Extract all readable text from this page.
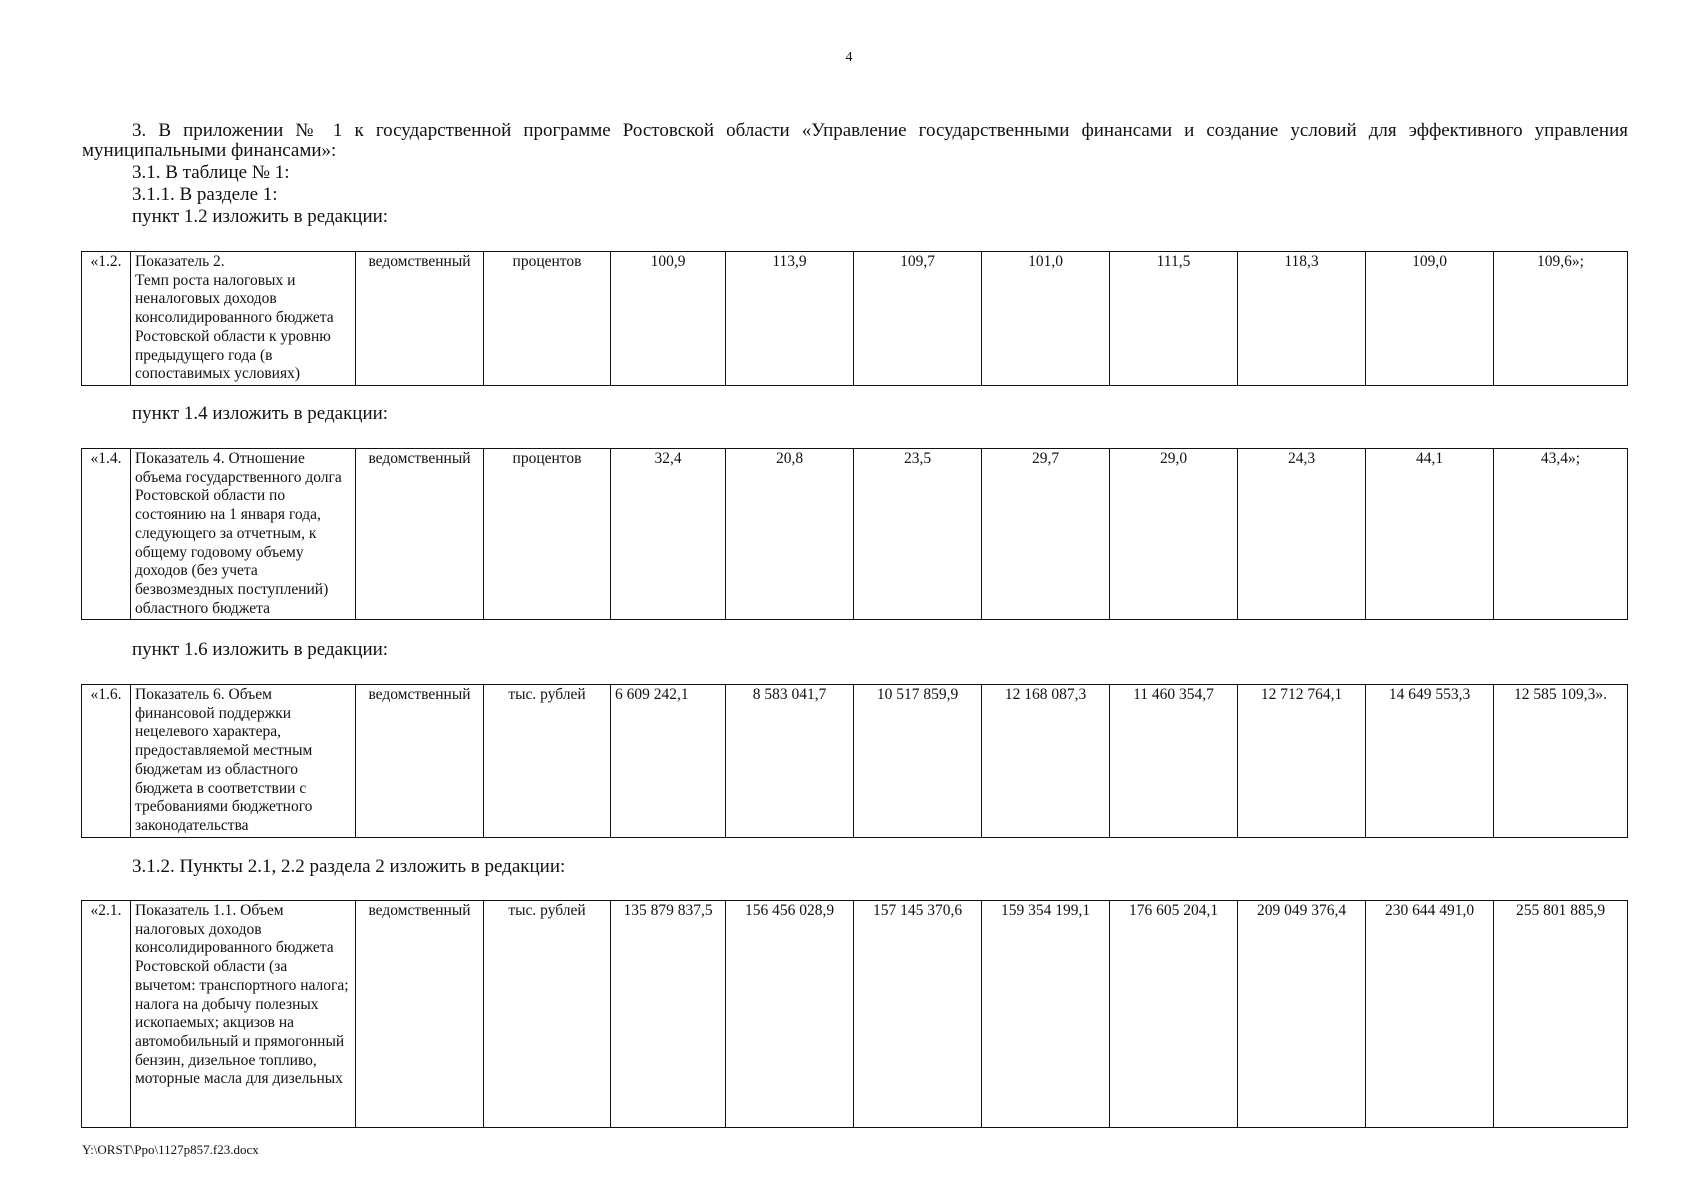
4

3. В приложении № 1 к государственной программе Ростовской области «Управление государственными финансами и создание условий для эффективного управления муниципальными финансами»:

3.1. В таблице № 1:

3.1.1. В разделе 1:

пункт 1.2 изложить в редакции:

«1.2.	Показатель 2.
Темп роста налоговых и неналоговых доходов консолидированного бюджета Ростовской области к уровню предыдущего года (в сопоставимых условиях)	ведомственный	процентов	100,9	113,9	109,7	101,0	111,5	118,3	109,0	109,6»;

пункт 1.4 изложить в редакции:

«1.4.	Показатель 4. Отношение объема государственного долга Ростовской области по состоянию на 1 января года, следующего за отчетным, к общему годовому объему доходов (без учета безвозмездных поступлений) областного бюджета	ведомственный	процентов	32,4	20,8	23,5	29,7	29,0	24,3	44,1	43,4»;

пункт 1.6 изложить в редакции:

«1.6.	Показатель 6. Объем финансовой поддержки нецелевого характера, предоставляемой местным бюджетам из областного бюджета в соответствии с требованиями бюджетного законодательства	ведомственный	тыс. рублей	6 609 242,1	8 583 041,7	10 517 859,9	12 168 087,3	11 460 354,7	12 712 764,1	14 649 553,3	12 585 109,3».

3.1.2. Пункты 2.1, 2.2 раздела 2 изложить в редакции:

«2.1.	Показатель 1.1. Объем налоговых доходов консолидированного бюджета Ростовской области (за вычетом: транспортного налога; налога на добычу полезных ископаемых; акцизов на автомобильный и прямогонный бензин, дизельное топливо, моторные масла для дизельных	ведомственный	тыс. рублей	135 879 837,5	156 456 028,9	157 145 370,6	159 354 199,1	176 605 204,1	209 049 376,4	230 644 491,0	255 801 885,9
Y:\ORST\Ppo\1127p857.f23.docx
